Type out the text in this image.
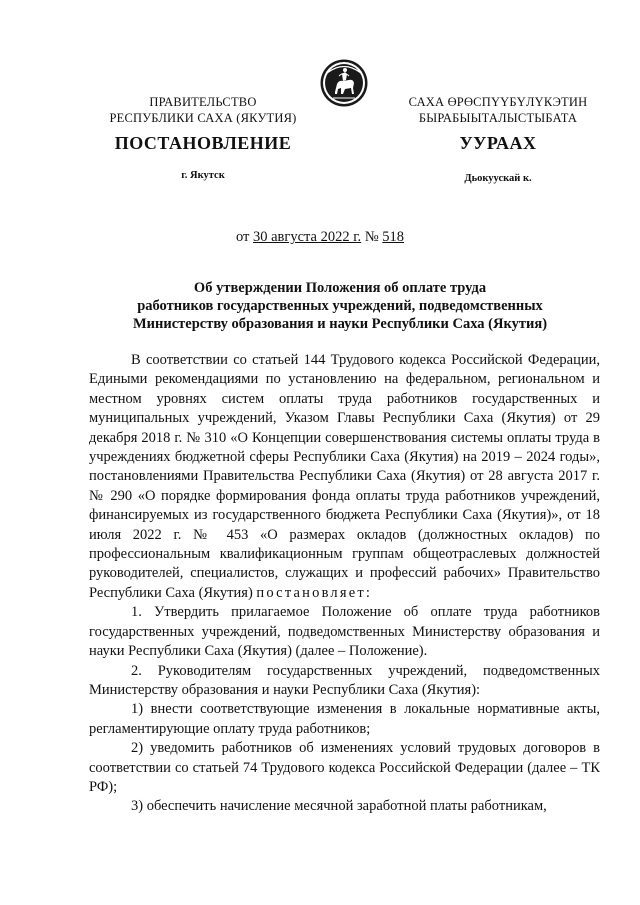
ПРАВИТЕЛЬСТВО
РЕСПУБЛИКИ САХА (ЯКУТИЯ)
САХА ӨРӨСПҮҮБҮЛҮКЭТИН
БЫРАБЫЫТАЛЫСТЫБАТА
ПОСТАНОВЛЕНИЕ	УУРААХ
г. Якутск	Дьокуускай к.
от 30 августа 2022 г. № 518
Об утверждении Положения об оплате труда
работников государственных учреждений, подведомственных
Министерству образования и науки Республики Саха (Якутия)

В соответствии со статьей 144 Трудового кодекса Российской Федерации, Едиными рекомендациями по установлению на федеральном, региональном и местном уровнях систем оплаты труда работников государственных и муниципальных учреждений, Указом Главы Республики Саха (Якутия) от 29 декабря 2018 г. № 310 «О Концепции совершенствования системы оплаты труда в учреждениях бюджетной сферы Республики Саха (Якутия) на 2019 – 2024 годы», постановлениями Правительства Республики Саха (Якутия) от 28 августа 2017 г. № 290 «О порядке формирования фонда оплаты труда работников учреждений, финансируемых из государственного бюджета Республики Саха (Якутия)», от 18 июля 2022 г. № 453 «О размерах окладов (должностных окладов) по профессиональным квалификационным группам общеотраслевых должностей руководителей, специалистов, служащих и профессий рабочих» Правительство Республики Саха (Якутия) постановляет:

1. Утвердить прилагаемое Положение об оплате труда работников государственных учреждений, подведомственных Министерству образования и науки Республики Саха (Якутия) (далее – Положение).

2. Руководителям государственных учреждений, подведомственных Министерству образования и науки Республики Саха (Якутия):

1) внести соответствующие изменения в локальные нормативные акты, регламентирующие оплату труда работников;

2) уведомить работников об изменениях условий трудовых договоров в соответствии со статьей 74 Трудового кодекса Российской Федерации (далее – ТК РФ);

3) обеспечить начисление месячной заработной платы работникам,
